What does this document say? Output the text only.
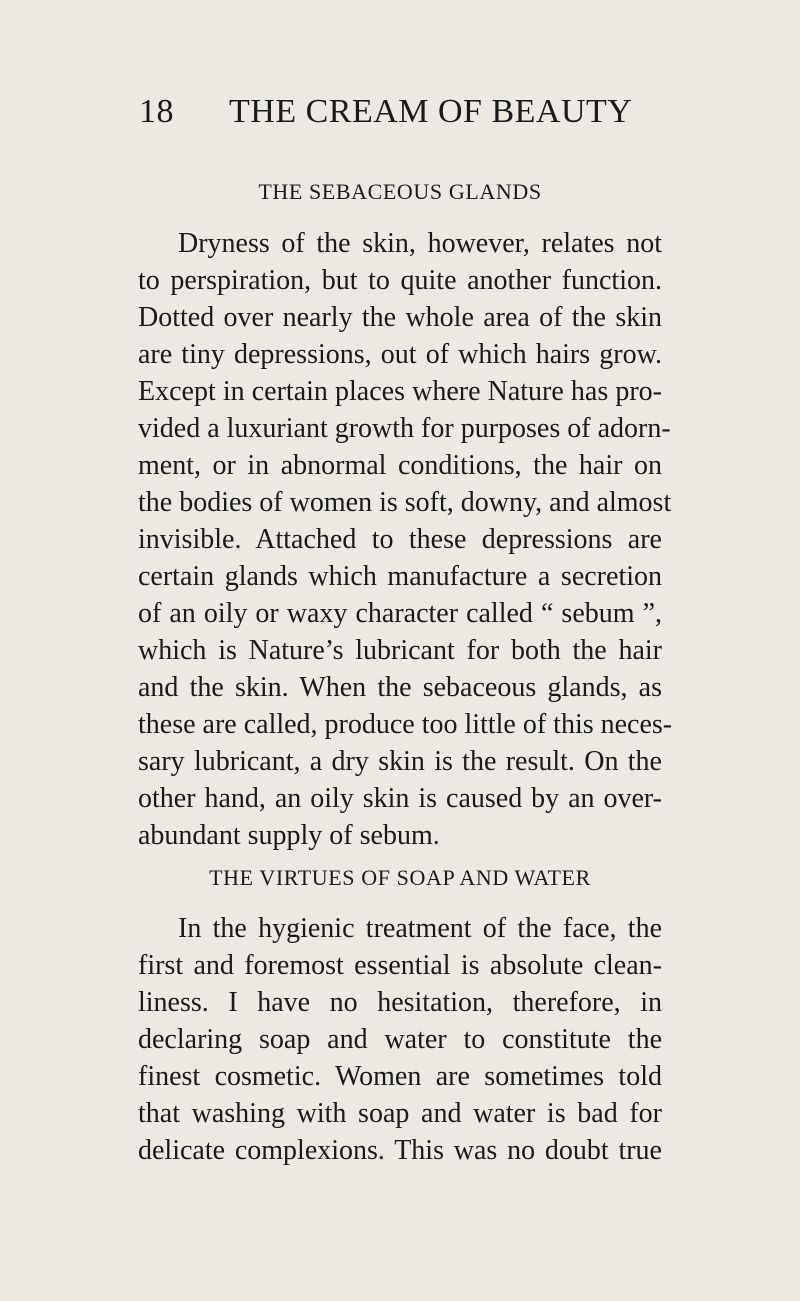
18 THE CREAM OF BEAUTY
THE SEBACEOUS GLANDS
Dryness of the skin, however, relates not
to perspiration, but to quite another function.
Dotted over nearly the whole area of the skin
are tiny depressions, out of which hairs grow.
Except in certain places where Nature has pro-
vided a luxuriant growth for purposes of adorn-
ment, or in abnormal conditions, the hair on
the bodies of women is soft, downy, and almost
invisible. Attached to these depressions are
certain glands which manufacture a secretion
of an oily or waxy character called “ sebum ”,
which is Nature’s lubricant for both the hair
and the skin. When the sebaceous glands, as
these are called, produce too little of this neces-
sary lubricant, a dry skin is the result. On the
other hand, an oily skin is caused by an over-
abundant supply of sebum.
THE VIRTUES OF SOAP AND WATER
In the hygienic treatment of the face, the
first and foremost essential is absolute clean-
liness. I have no hesitation, therefore, in
declaring soap and water to constitute the
finest cosmetic. Women are sometimes told
that washing with soap and water is bad for
delicate complexions. This was no doubt true
